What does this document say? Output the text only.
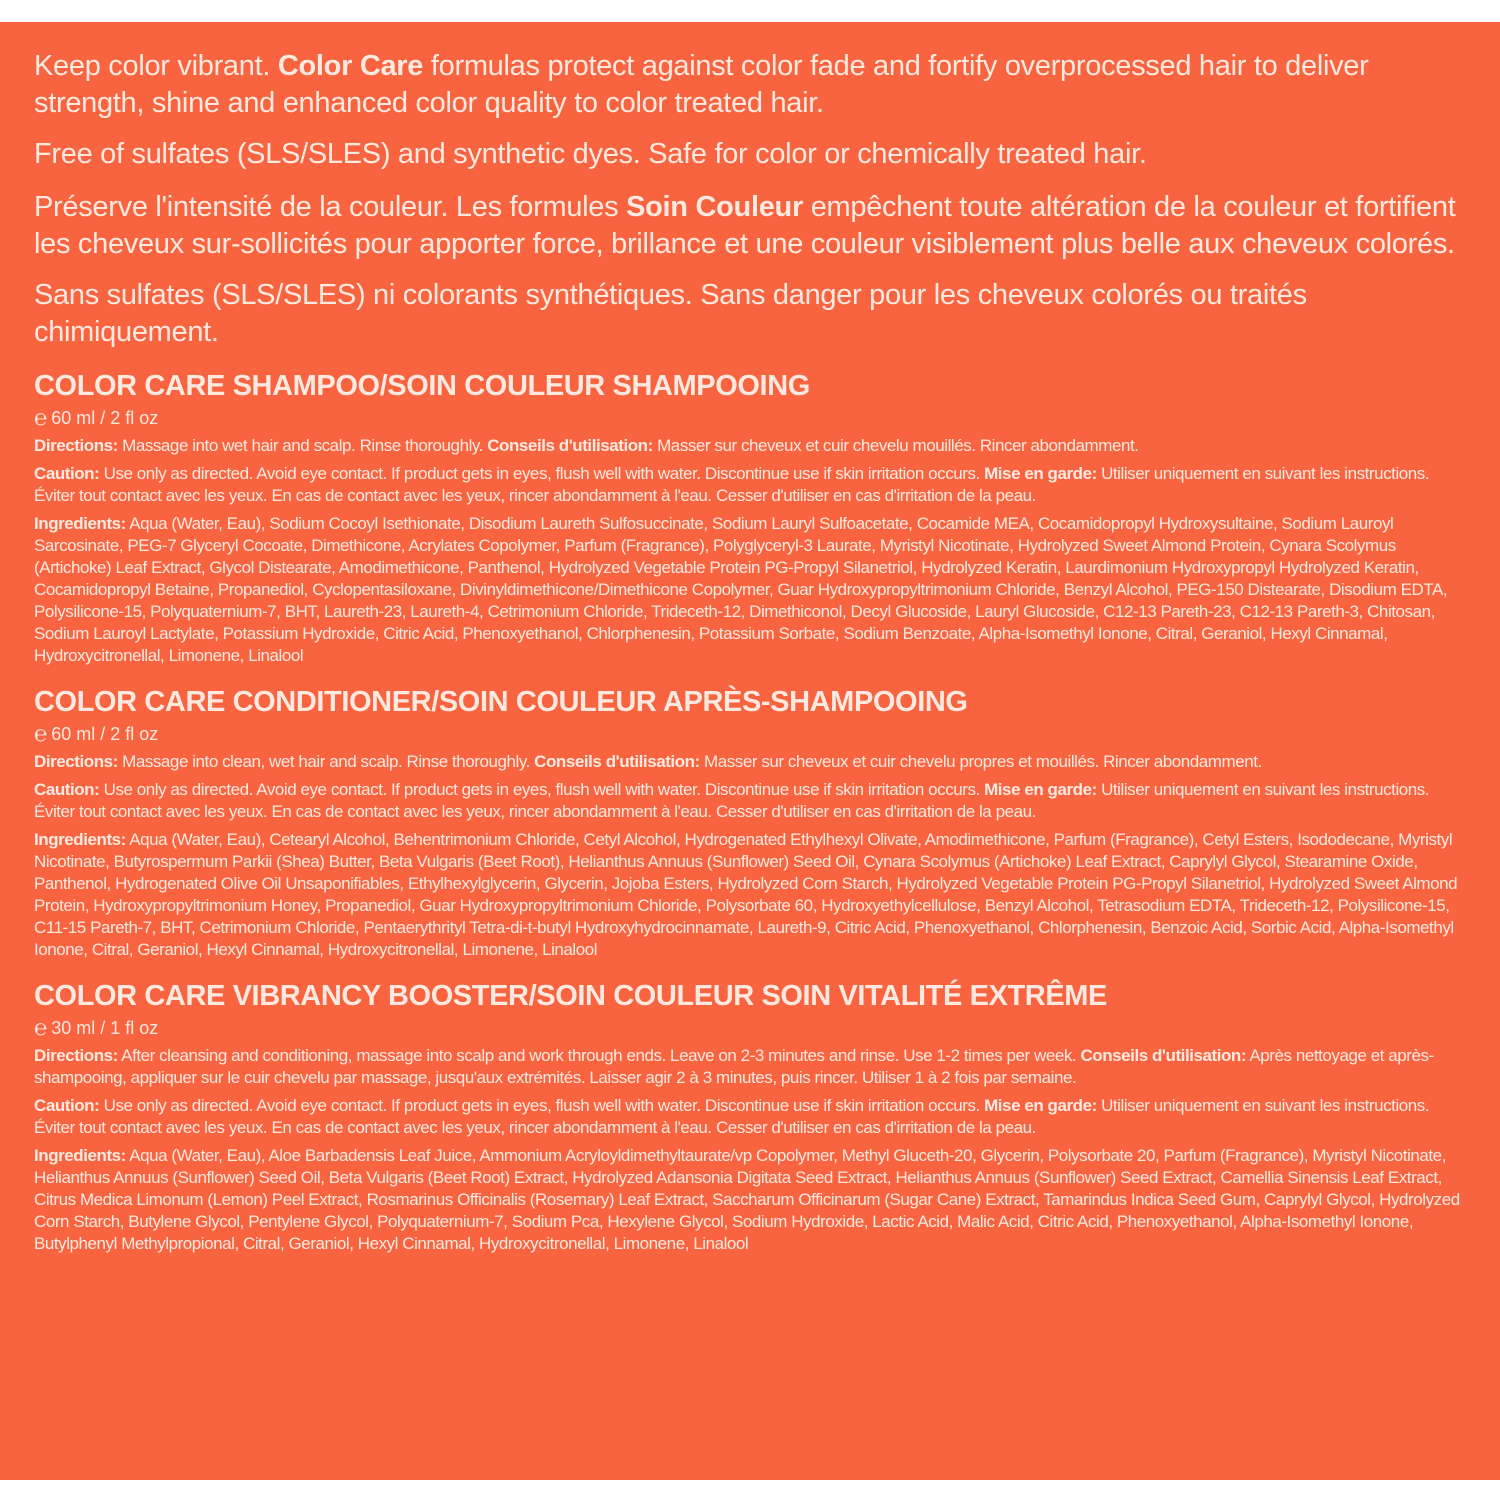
Keep color vibrant. Color Care formulas protect against color fade and fortify overprocessed hair to deliver strength, shine and enhanced color quality to color treated hair.

Free of sulfates (SLS/SLES) and synthetic dyes. Safe for color or chemically treated hair.

Préserve l'intensité de la couleur. Les formules Soin Couleur empêchent toute altération de la couleur et fortifient les cheveux sur-sollicités pour apporter force, brillance et une couleur visiblement plus belle aux cheveux colorés.

Sans sulfates (SLS/SLES) ni colorants synthétiques. Sans danger pour les cheveux colorés ou traités chimiquement.

COLOR CARE SHAMPOO/SOIN COULEUR SHAMPOOING
℮ 60 ml / 2 fl oz

Directions: Massage into wet hair and scalp. Rinse thoroughly. Conseils d'utilisation: Masser sur cheveux et cuir chevelu mouillés. Rincer abondamment.

Caution: Use only as directed. Avoid eye contact. If product gets in eyes, flush well with water. Discontinue use if skin irritation occurs. Mise en garde: Utiliser uniquement en suivant les instructions. Éviter tout contact avec les yeux. En cas de contact avec les yeux, rincer abondamment à l'eau. Cesser d'utiliser en cas d'irritation de la peau.

Ingredients: Aqua (Water, Eau), Sodium Cocoyl Isethionate, Disodium Laureth Sulfosuccinate, Sodium Lauryl Sulfoacetate, Cocamide MEA, Cocamidopropyl Hydroxysultaine, Sodium Lauroyl Sarcosinate, PEG-7 Glyceryl Cocoate, Dimethicone, Acrylates Copolymer, Parfum (Fragrance), Polyglyceryl-3 Laurate, Myristyl Nicotinate, Hydrolyzed Sweet Almond Protein, Cynara Scolymus (Artichoke) Leaf Extract, Glycol Distearate, Amodimethicone, Panthenol, Hydrolyzed Vegetable Protein PG-Propyl Silanetriol, Hydrolyzed Keratin, Laurdimonium Hydroxypropyl Hydrolyzed Keratin, Cocamidopropyl Betaine, Propanediol, Cyclopentasiloxane, Divinyldimethicone/Dimethicone Copolymer, Guar Hydroxypropyltrimonium Chloride, Benzyl Alcohol, PEG-150 Distearate, Disodium EDTA, Polysilicone-15, Polyquaternium-7, BHT, Laureth-23, Laureth-4, Cetrimonium Chloride, Trideceth-12, Dimethiconol, Decyl Glucoside, Lauryl Glucoside, C12-13 Pareth-23, C12-13 Pareth-3, Chitosan, Sodium Lauroyl Lactylate, Potassium Hydroxide, Citric Acid, Phenoxyethanol, Chlorphenesin, Potassium Sorbate, Sodium Benzoate, Alpha-Isomethyl Ionone, Citral, Geraniol, Hexyl Cinnamal, Hydroxycitronellal, Limonene, Linalool

COLOR CARE CONDITIONER/SOIN COULEUR APRÈS-SHAMPOOING
℮ 60 ml / 2 fl oz

Directions: Massage into clean, wet hair and scalp. Rinse thoroughly. Conseils d'utilisation: Masser sur cheveux et cuir chevelu propres et mouillés. Rincer abondamment.

Caution: Use only as directed. Avoid eye contact. If product gets in eyes, flush well with water. Discontinue use if skin irritation occurs. Mise en garde: Utiliser uniquement en suivant les instructions. Éviter tout contact avec les yeux. En cas de contact avec les yeux, rincer abondamment à l'eau. Cesser d'utiliser en cas d'irritation de la peau.

Ingredients: Aqua (Water, Eau), Cetearyl Alcohol, Behentrimonium Chloride, Cetyl Alcohol, Hydrogenated Ethylhexyl Olivate, Amodimethicone, Parfum (Fragrance), Cetyl Esters, Isododecane, Myristyl Nicotinate, Butyrospermum Parkii (Shea) Butter, Beta Vulgaris (Beet Root), Helianthus Annuus (Sunflower) Seed Oil, Cynara Scolymus (Artichoke) Leaf Extract, Caprylyl Glycol, Stearamine Oxide, Panthenol, Hydrogenated Olive Oil Unsaponifiables, Ethylhexylglycerin, Glycerin, Jojoba Esters, Hydrolyzed Corn Starch, Hydrolyzed Vegetable Protein PG-Propyl Silanetriol, Hydrolyzed Sweet Almond Protein, Hydroxypropyltrimonium Honey, Propanediol, Guar Hydroxypropyltrimonium Chloride, Polysorbate 60, Hydroxyethylcellulose, Benzyl Alcohol, Tetrasodium EDTA, Trideceth-12, Polysilicone-15, C11-15 Pareth-7, BHT, Cetrimonium Chloride, Pentaerythrityl Tetra-di-t-butyl Hydroxyhydrocinnamate, Laureth-9, Citric Acid, Phenoxyethanol, Chlorphenesin, Benzoic Acid, Sorbic Acid, Alpha-Isomethyl Ionone, Citral, Geraniol, Hexyl Cinnamal, Hydroxycitronellal, Limonene, Linalool

COLOR CARE VIBRANCY BOOSTER/SOIN COULEUR SOIN VITALITÉ EXTRÊME
℮ 30 ml / 1 fl oz

Directions: After cleansing and conditioning, massage into scalp and work through ends. Leave on 2-3 minutes and rinse. Use 1-2 times per week. Conseils d'utilisation: Après nettoyage et après-shampooing, appliquer sur le cuir chevelu par massage, jusqu'aux extrémités. Laisser agir 2 à 3 minutes, puis rincer. Utiliser 1 à 2 fois par semaine.

Caution: Use only as directed. Avoid eye contact. If product gets in eyes, flush well with water. Discontinue use if skin irritation occurs. Mise en garde: Utiliser uniquement en suivant les instructions. Éviter tout contact avec les yeux. En cas de contact avec les yeux, rincer abondamment à l'eau. Cesser d'utiliser en cas d'irritation de la peau.

Ingredients: Aqua (Water, Eau), Aloe Barbadensis Leaf Juice, Ammonium Acryloyldimethyltaurate/vp Copolymer, Methyl Gluceth-20, Glycerin, Polysorbate 20, Parfum (Fragrance), Myristyl Nicotinate, Helianthus Annuus (Sunflower) Seed Oil, Beta Vulgaris (Beet Root) Extract, Hydrolyzed Adansonia Digitata Seed Extract, Helianthus Annuus (Sunflower) Seed Extract, Camellia Sinensis Leaf Extract, Citrus Medica Limonum (Lemon) Peel Extract, Rosmarinus Officinalis (Rosemary) Leaf Extract, Saccharum Officinarum (Sugar Cane) Extract, Tamarindus Indica Seed Gum, Caprylyl Glycol, Hydrolyzed Corn Starch, Butylene Glycol, Pentylene Glycol, Polyquaternium-7, Sodium Pca, Hexylene Glycol, Sodium Hydroxide, Lactic Acid, Malic Acid, Citric Acid, Phenoxyethanol, Alpha-Isomethyl Ionone, Butylphenyl Methylpropional, Citral, Geraniol, Hexyl Cinnamal, Hydroxycitronellal, Limonene, Linalool
